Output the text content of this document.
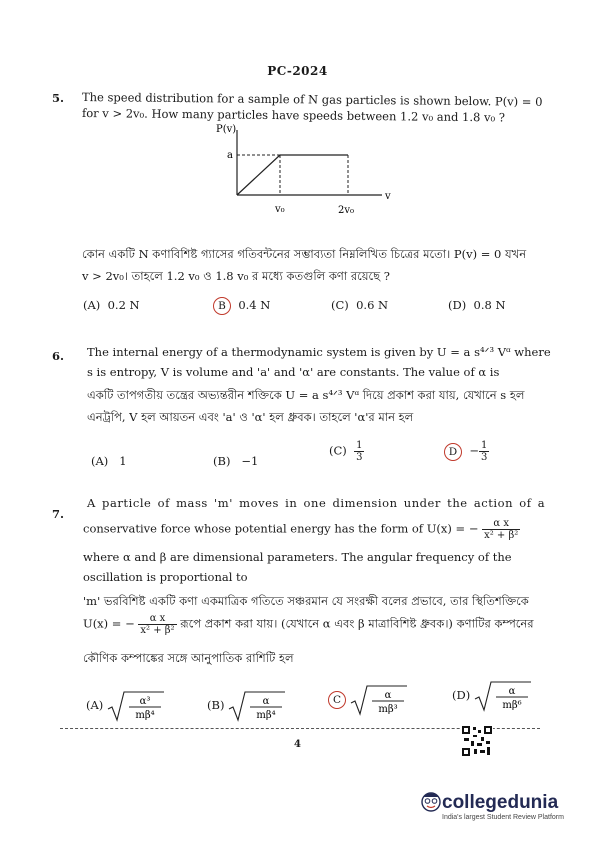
PC-2024
5. The speed distribution for a sample of N gas particles is shown below. P(v) = 0
for v > 2v₀. How many particles have speeds between 1.2 v₀ and 1.8 v₀ ?
P(v)
v
a
v₀	2v₀
কোন একটি N কণাবিশিষ্ট গ্যাসের গতিবন্টনের সম্ভাব্যতা নিম্নলিখিত চিত্রের মতো। P(v) = 0 যখন
v > 2v₀। তাহলে 1.2 v₀ ও 1.8 v₀ র মধ্যে কতগুলি কণা রয়েছে ?
(A) 0.2 N	B 0.4 N	(C) 0.6 N	(D) 0.8 N
6. The internal energy of a thermodynamic system is given by U = a s⁴ᐟ³ Vᵅ where
s is entropy, V is volume and 'a' and 'α' are constants. The value of α is
একটি তাপগতীয় তন্ত্রের অভ্যন্তরীন শক্তিকে U = a s⁴ᐟ³ Vᵅ দিয়ে প্রকাশ করা যায়, যেখানে s হল
এনট্রপি, V হল আয়তন এবং 'a' ও 'α' হল ধ্রুবক। তাহলে 'α'র মান হল
(A) 1	(B) −1
$(C) \frac{1}{3}$	$D - \frac{1}{3}$
7.
A particle of mass 'm' moves in one dimension under the action of a
conservative force whose potential energy has the form of U(x) = − $\frac{\text{α x}}{\text{x² + β²}}$
where α and β are dimensional parameters. The angular frequency of the
oscillation is proportional to
'm' ভরবিশিষ্ট একটি কণা একমাত্রিক গতিতে সঞ্চরমান যে সংরক্ষী বলের প্রভাবে, তার স্থিতিশক্তিকে
U(x) = − $\frac{\text{α x}}{\text{x² + β²}}$ রূপে প্রকাশ করা যায়। (যেখানে α এবং β মাত্রাবিশিষ্ট ধ্রুবক।) কণাটির কম্পনের
কৌণিক কম্পাঙ্কের সঙ্গে আনুপাতিক রাশিটি হল
(A)	α³
mβ⁴
(B)	α
mβ⁴
C	α
mβ³
(D)	α
mβ⁶
4
collegedunia
India's largest Student Review Platform
